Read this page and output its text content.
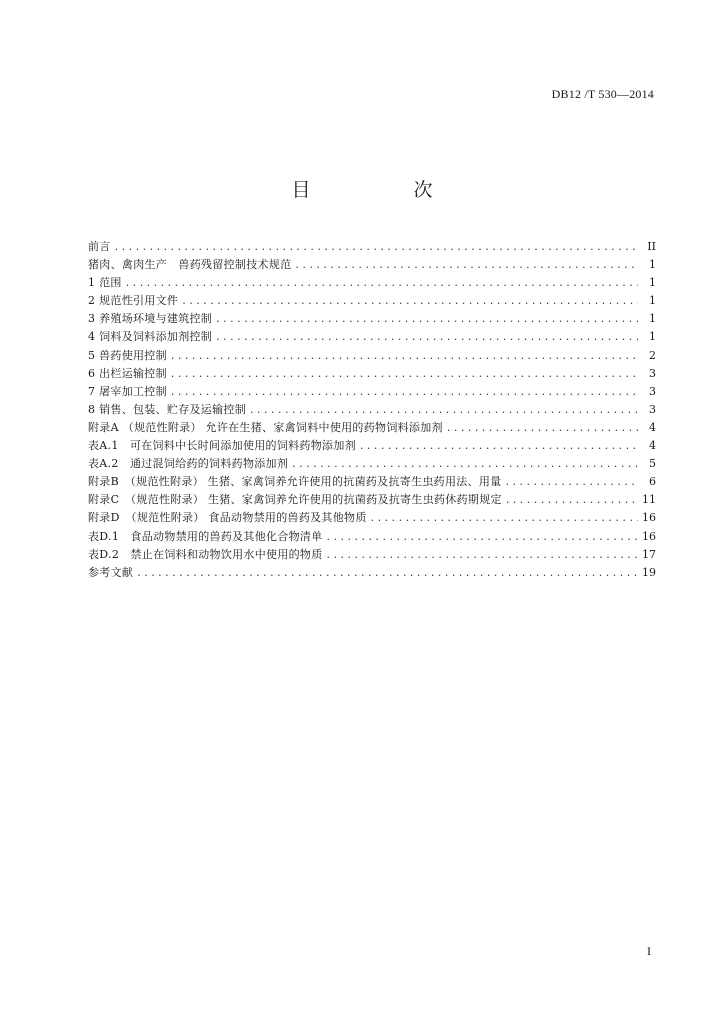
DB12 /T 530—2014
目　次
前言 . . .	II
猪肉、禽肉生产　兽药残留控制技术规范 . . .	1
1 范围 . . .	1
2 规范性引用文件 . . .	1
3 养殖场环境与建筑控制 . . .	1
4 饲料及饲料添加剂控制 . . .	1
5 兽药使用控制 . . .	2
6 出栏运输控制 . . .	3
7 屠宰加工控制 . . .	3
8 销售、包装、贮存及运输控制 . . .	3
附录A （规范性附录） 允许在生猪、家禽饲料中使用的药物饲料添加剂 . . .	4
表A.1　可在饲料中长时间添加使用的饲料药物添加剂 . . .	4
表A.2　通过混饲给药的饲料药物添加剂 . . .	5
附录B　（规范性附录） 生猪、家禽饲养允许使用的抗菌药及抗寄生虫药用法、用量 . . .	6
附录C　（规范性附录） 生猪、家禽饲养允许使用的抗菌药及抗寄生虫药休药期规定 . . .	11
附录D　（规范性附录） 食品动物禁用的兽药及其他物质 . . .	16
表D.1　食品动物禁用的兽药及其他化合物清单 . . .	16
表D.2　禁止在饲料和动物饮用水中使用的物质 . . .	17
参考文献 . . .	19
I
